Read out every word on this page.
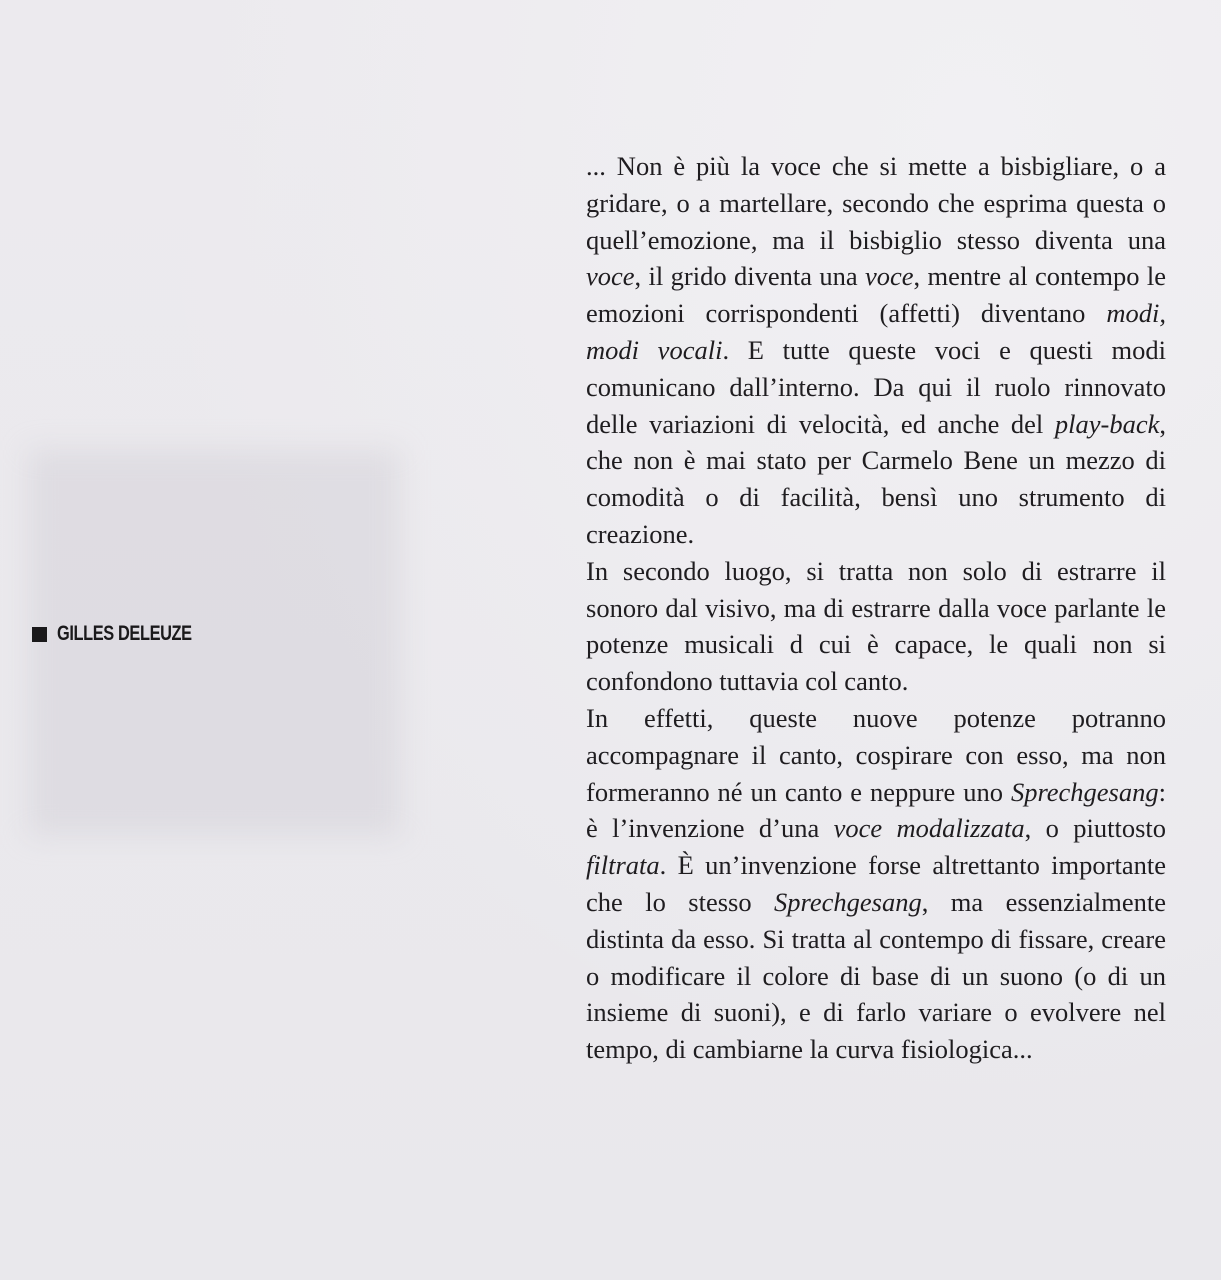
GILLES DELEUZE

... Non è più la voce che si mette a bisbigliare, o a gridare, o a martellare, secondo che esprima questa o quell’emozione, ma il bisbiglio stesso diventa una voce, il grido diventa una voce, mentre al contempo le emozioni corrispondenti (affetti) diventano modi, modi vocali. E tutte queste voci e questi modi comunicano dall’interno. Da qui il ruolo rinnovato delle variazioni di velocità, ed anche del play-back, che non è mai stato per Carmelo Bene un mezzo di comodità o di facilità, bensì uno strumento di creazione.

In secondo luogo, si tratta non solo di estrarre il sonoro dal visivo, ma di estrarre dalla voce parlante le potenze musicali d cui è capace, le quali non si confondono tuttavia col canto.

In effetti, queste nuove potenze potranno accompagnare il canto, cospirare con esso, ma non formeranno né un canto e neppure uno Sprechgesang: è l’invenzione d’una voce modalizzata, o piuttosto filtrata. È un’invenzione forse altrettanto importante che lo stesso Sprechgesang, ma essenzialmente distinta da esso. Si tratta al contempo di fissare, creare o modificare il colore di base di un suono (o di un insieme di suoni), e di farlo variare o evolvere nel tempo, di cambiarne la curva fisiologica...
